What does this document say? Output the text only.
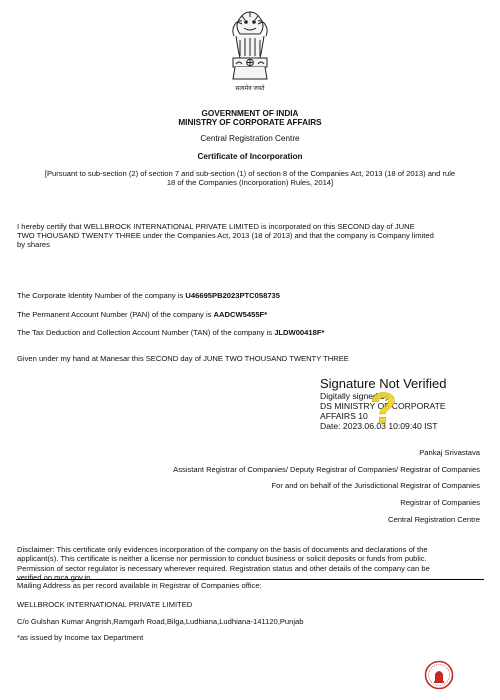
सत्यमेव जयते
GOVERNMENT OF INDIA
MINISTRY OF CORPORATE AFFAIRS
Central Registration Centre
Certificate of Incorporation
[Pursuant to sub-section (2) of section 7 and sub-section (1) of section 8 of the Companies Act, 2013 (18 of 2013) and rule
18 of the Companies (Incorporation) Rules, 2014]
I hereby certify that WELLBROCK INTERNATIONAL PRIVATE LIMITED is incorporated on this SECOND day of JUNE
TWO THOUSAND TWENTY THREE under the Companies Act, 2013 (18 of 2013) and that the company is Company limited
by shares
The Corporate Identity Number of the company is U46695PB2023PTC058735
The Permanent Account Number (PAN) of the company is AADCW5455F*
The Tax Deduction and Collection Account Number (TAN) of the company is JLDW00418F*
Given under my hand at Manesar this SECOND day of JUNE TWO THOUSAND TWENTY THREE
Signature Not Verified
Digitally signed by
DS MINISTRY OF CORPORATE
AFFAIRS 10
Date: 2023.06.03 10:09:40 IST
?
Pankaj Srivastava
Assistant Registrar of Companies/ Deputy Registrar of Companies/ Registrar of Companies
For and on behalf of the Jurisdictional Registrar of Companies
Registrar of Companies
Central Registration Centre
Disclaimer: This certificate only evidences incorporation of the company on the basis of documents and declarations of the
applicant(s). This certificate is neither a license nor permission to conduct business or solicit deposits or funds from public.
Permission of sector regulator is necessary wherever required. Registration status and other details of the company can be
verified on mca.gov.in
Mailing Address as per record available in Registrar of Companies office:
WELLBROCK INTERNATIONAL PRIVATE LIMITED
C/o Gulshan Kumar Angrish,Ramgarh Road,Bilga,Ludhiana,Ludhiana-141120,Punjab
*as issued by Income tax Department
